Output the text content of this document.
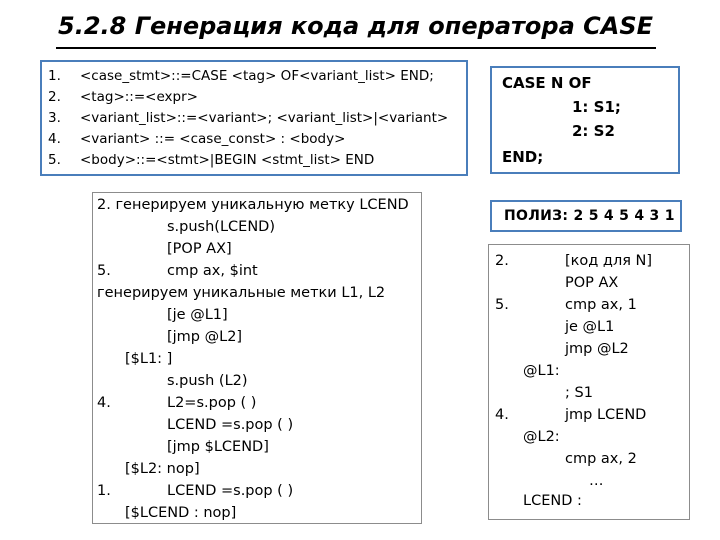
5.2.8 Генерация кода для оператора CASE
1. <case_stmt>::=CASE <tag> OF<variant_list> END;
2. <tag>::=<expr>
3. <variant_list>::=<variant>; <variant_list>|<variant>
4. <variant> ::= <case_const> : <body>
5. <body>::=<stmt>|BEGIN <stmt_list> END
CASE N OF
1: S1;
2: S2
END;
ПОЛИЗ: 2 5 4 5 4 3 1
2. генерируем уникальную метку LCEND
s.push(LCEND)
[POP AX]
5.	cmp ax, $int
генерируем уникальные метки L1, L2
[je @L1]
[jmp @L2]
[$L1: ]
s.push (L2)
4.	L2=s.pop ( )
LCEND =s.pop ( )
[jmp $LCEND]
[$L2: nop]
1.	LCEND =s.pop ( )
[$LCEND : nop]
2.	[код для N]
POP AX
5.	cmp ax, 1
je @L1
jmp @L2
@L1:
; S1
4.	jmp LCEND
@L2:
cmp ax, 2
…
LCEND :
